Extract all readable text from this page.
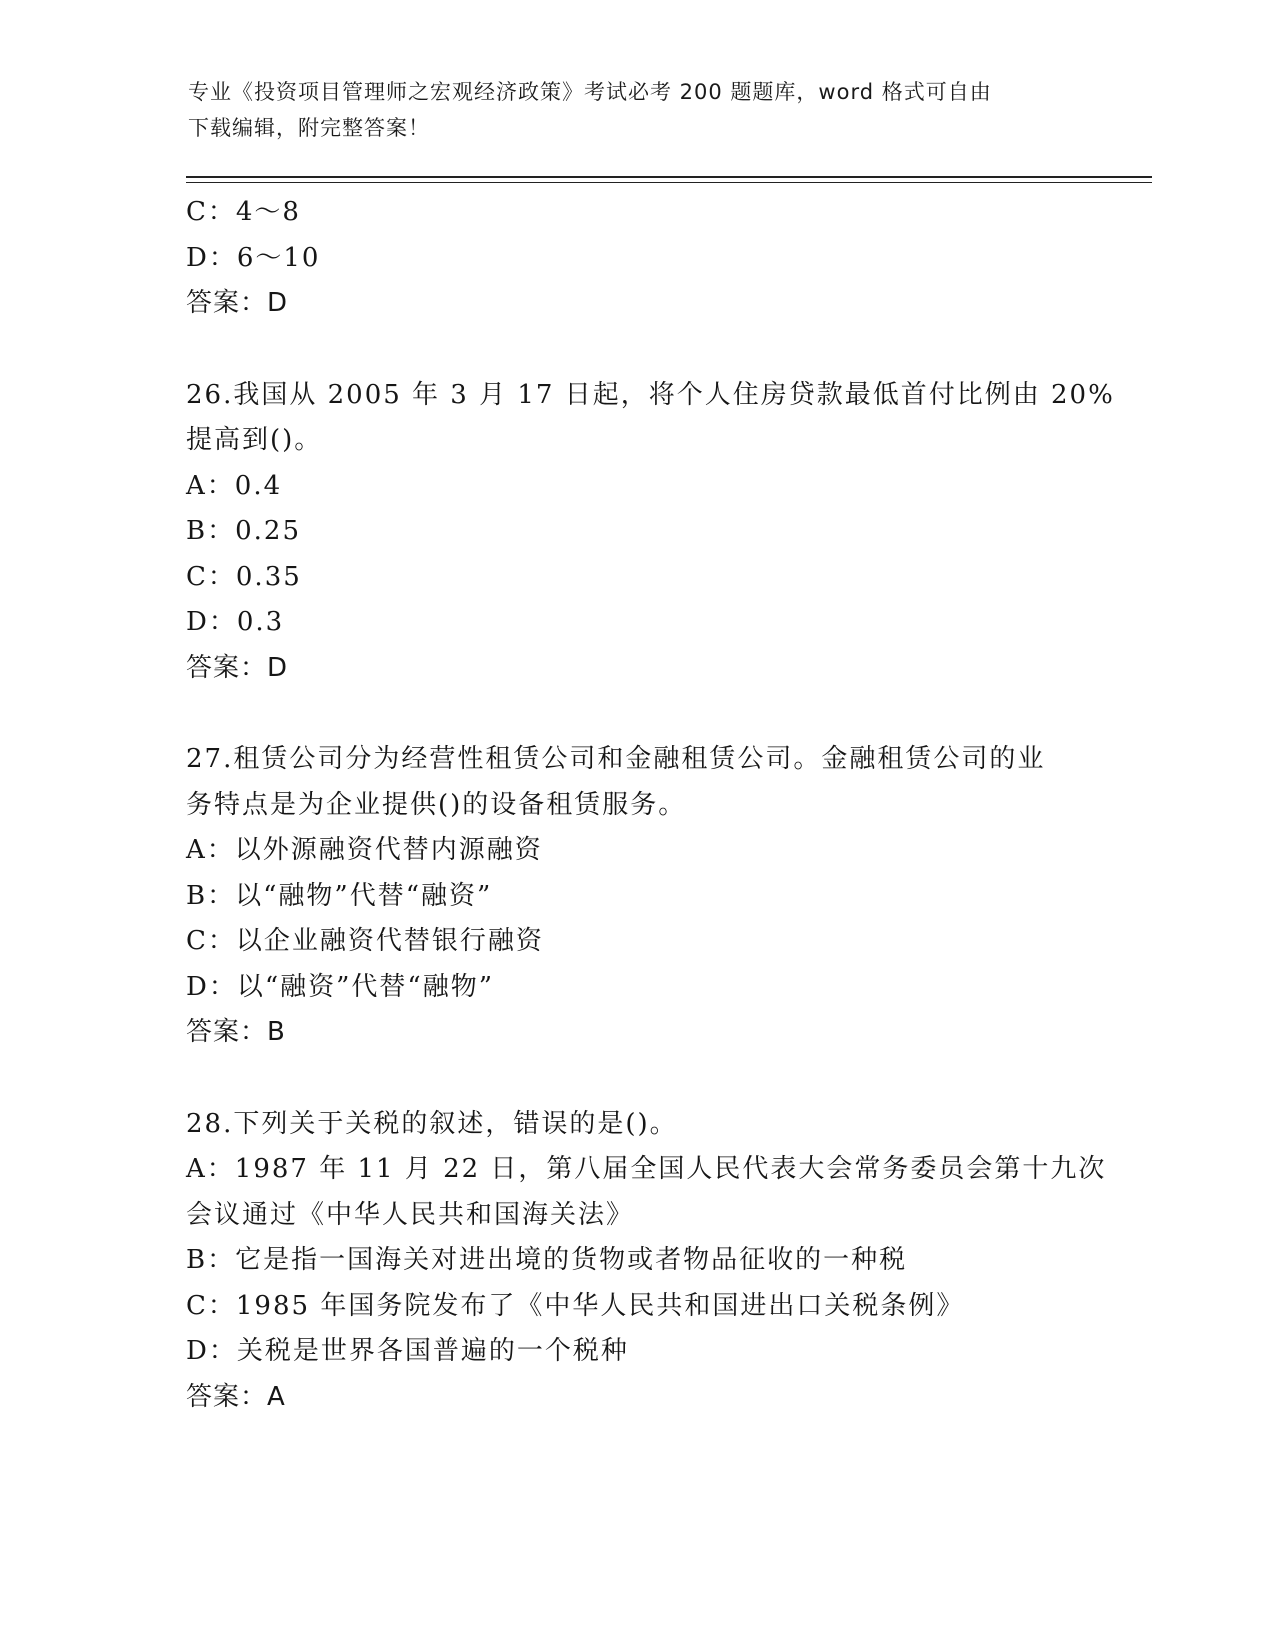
专业《投资项目管理师之宏观经济政策》考试必考 200 题题库，word 格式可自由
下载编辑，附完整答案！
C：4～8
D：6～10
答案：D
26.我国从 2005 年 3 月 17 日起，将个人住房贷款最低首付比例由 20%
提高到()。
A：0.4
B：0.25
C：0.35
D：0.3
答案：D
27.租赁公司分为经营性租赁公司和金融租赁公司。金融租赁公司的业
务特点是为企业提供()的设备租赁服务。
A：以外源融资代替内源融资
B：以“融物”代替“融资”
C：以企业融资代替银行融资
D：以“融资”代替“融物”
答案：B
28.下列关于关税的叙述，错误的是()。
A：1987 年 11 月 22 日，第八届全国人民代表大会常务委员会第十九次
会议通过《中华人民共和国海关法》
B：它是指一国海关对进出境的货物或者物品征收的一种税
C：1985 年国务院发布了《中华人民共和国进出口关税条例》
D：关税是世界各国普遍的一个税种
答案：A
